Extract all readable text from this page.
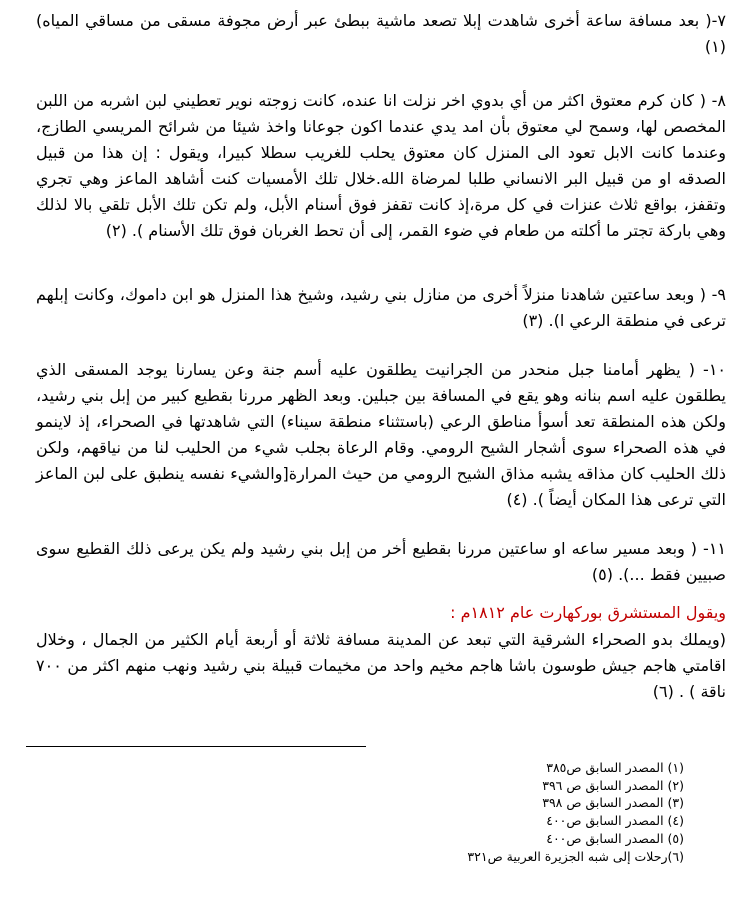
٧-( بعد مسافة ساعة أخرى شاهدت إبلا تصعد ماشية ببطئ عبر أرض مجوفة مسقى من مساقي المياه) (١)

٨- ( كان كرم معتوق اكثر من أي بدوي اخر نزلت انا عنده، كانت زوجته نوير تعطيني لبن اشربه من اللبن المخصص لها، وسمح لي معتوق بأن امد يدي عندما اكون جوعانا واخذ شيئا من شرائح المريسي الطازج، وعندما كانت الابل تعود الى المنزل كان معتوق يحلب للغريب سطلا كبيرا، ويقول : إن هذا من قبيل الصدقه او من قبيل البر الانساني طلبا لمرضاة الله.خلال تلك الأمسيات كنت أشاهد الماعز وهي تجري وتقفز، بواقع ثلاث عنزات في كل مرة،إذ كانت تقفز فوق أسنام الأبل، ولم تكن تلك الأبل تلقي بالا لذلك وهي باركة تجتر ما أكلته من طعام في ضوء القمر، إلى أن تحط الغربان فوق تلك الأسنام ). (٢)

٩- ( وبعد ساعتين شاهدنا منزلاً أخرى من منازل بني رشيد، وشيخ هذا المنزل هو ابن داموك، وكانت إبلهم ترعى في منطقة الرعي ا). (٣)

١٠- ( يظهر أمامنا جبل منحدر من الجرانيت يطلقون عليه أسم جنة وعن يسارنا يوجد المسقى الذي يطلقون عليه اسم بنانه وهو يقع في المسافة بين جبلين. وبعد الظهر مررنا بقطيع كبير من إبل بني رشيد، ولكن هذه المنطقة تعد أسوأ مناطق الرعي (باستثناء منطقة سيناء) التي شاهدتها في الصحراء، إذ لاينمو في هذه الصحراء سوى أشجار الشيح الرومي. وقام الرعاة بجلب شيء من الحليب لنا من نياقهم، ولكن ذلك الحليب كان مذاقه يشبه مذاق الشيح الرومي من حيث المرارة[والشيء نفسه ينطبق على لبن الماعز التي ترعى هذا المكان أيضاً ). (٤)

١١- ( وبعد مسير ساعه او ساعتين مررنا بقطيع أخر من إبل بني رشيد ولم يكن يرعى ذلك القطيع سوى صبيين فقط ...). (٥)

ويقول المستشرق بوركهارت عام ١٨١٢م :

(ويملك بدو الصحراء الشرقية التي تبعد عن المدينة مسافة ثلاثة أو أربعة أيام الكثير من الجمال ، وخلال اقامتي هاجم جيش طوسون باشا هاجم مخيم واحد من مخيمات قبيلة بني رشيد ونهب منهم اكثر من ٧٠٠ ناقة ) . (٦)

(١) المصدر السابق ص٣٨٥
(٢) المصدر السابق ص ٣٩٦
(٣) المصدر السابق ص ٣٩٨
(٤) المصدر السابق ص٤٠٠
(٥) المصدر السابق ص٤٠٠
(٦)رحلات إلى شبه الجزيرة العربية ص٣٢١
